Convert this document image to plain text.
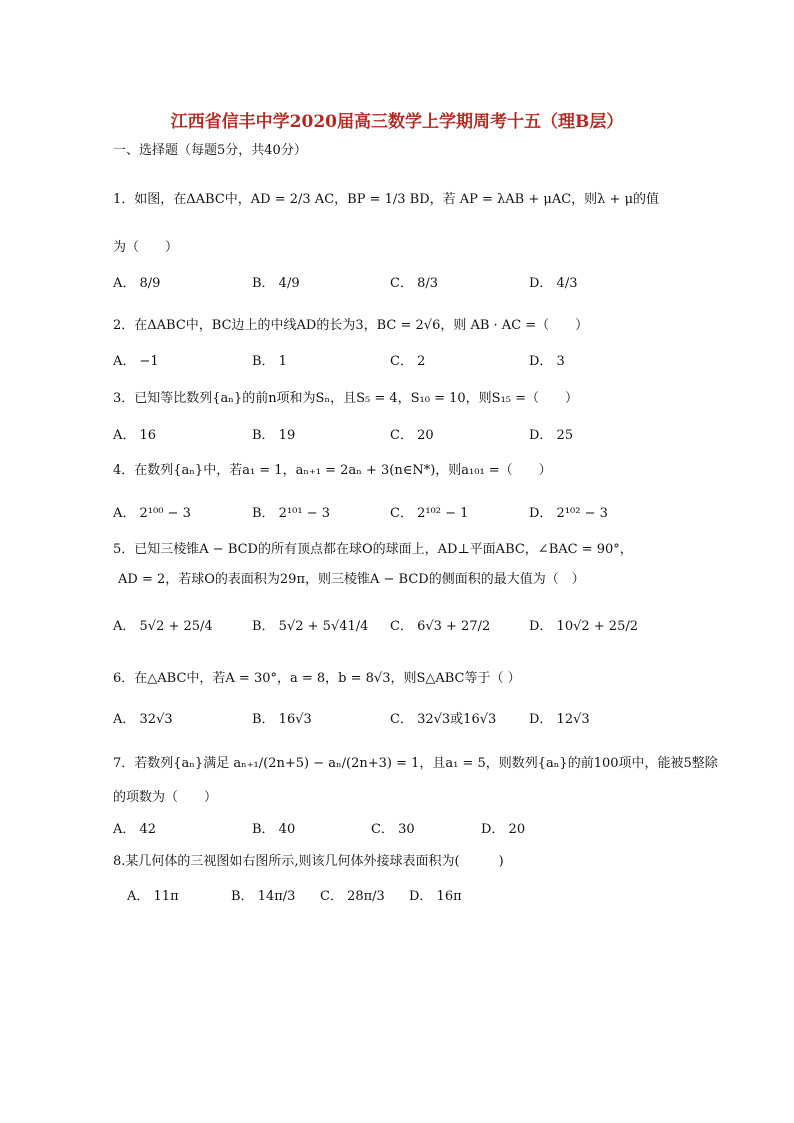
江西省信丰中学2020届高三数学上学期周考十五（理B层）
一、选择题（每题5分，共40分）
1．如图，在ΔABC中，AD = 2/3 AC，BP = 1/3 BD，若 AP = λAB + μAC，则λ + μ的值
为（　　）
A． 8/9	B． 4/9	C． 8/3	D． 4/3
2．在ΔABC中，BC边上的中线AD的长为3，BC = 2√6，则 AB · AC =（　　）
A． −1	B． 1	C． 2	D． 3
3．已知等比数列{aₙ}的前n项和为Sₙ，且S₅ = 4，S₁₀ = 10，则S₁₅ =（　　）
A． 16	B． 19	C． 20	D． 25
4．在数列{aₙ}中，若a₁ = 1，aₙ₊₁ = 2aₙ + 3(n∈N*)，则a₁₀₁ =（　　）
A． 2¹⁰⁰ − 3	B． 2¹⁰¹ − 3	C． 2¹⁰² − 1	D． 2¹⁰² − 3
5．已知三棱锥A − BCD的所有顶点都在球O的球面上，AD⊥平面ABC，∠BAC = 90°，
AD = 2，若球O的表面积为29π，则三棱锥A − BCD的侧面积的最大值为（　）
A． 5√2 + 25/4	B． 5√2 + 5√41/4 C． 6√3 + 27/2	D． 10√2 + 25/2
6．在△ABC中，若A = 30°，a = 8，b = 8√3，则S△ABC等于（ ）
A． 32√3	B． 16√3	C． 32√3或16√3	D． 12√3
7．若数列{aₙ}满足 aₙ₊₁/(2n+5) − aₙ/(2n+3) = 1，且a₁ = 5，则数列{aₙ}的前100项中，能被5整除
的项数为（　　）
A． 42	B． 40	C． 30	D． 20
8.某几何体的三视图如右图所示,则该几何体外接球表面积为(　　　)
A． 11π	B． 14π/3 C． 28π/3 D． 16π
